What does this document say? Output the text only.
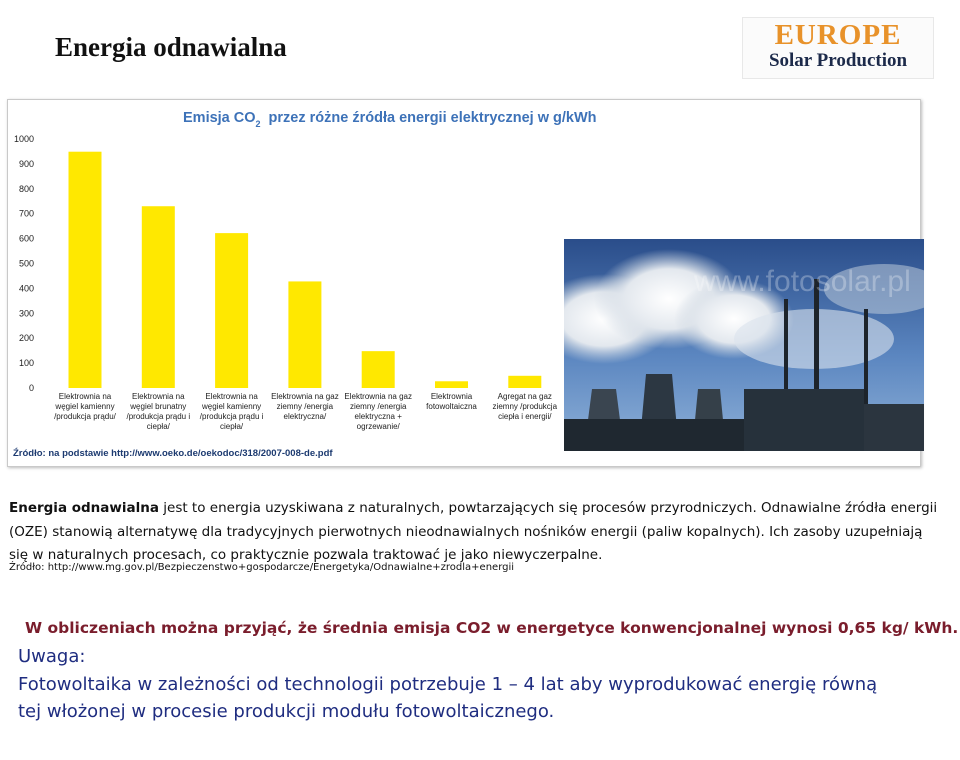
Energia odnawialna	EUROPE
Solar Production
Emisja $CO_2$ przez różne źródła energii elektrycznej w g/kWh
0
100
200
300
400
500
600
700
800
900
1000
Elektrownia na węgiel kamienny /produkcja prądu/
Elektrownia na węgiel brunatny /produkcja prądu i ciepła/
Elektrownia na węgiel kamienny /produkcja prądu i ciepła/
Elektrownia na gaz ziemny /energia elektryczna/
Elektrownia na gaz ziemny /energia elektryczna + ogrzewanie/
Elektrownia fotowoltaiczna
Agregat na gaz ziemny /produkcja ciepła i energii/
Źródło: na podstawie http://www.oeko.de/oekodoc/318/2007-008-de.pdf
www.fotosolar.pl

Energia odnawialna jest to energia uzyskiwana z naturalnych, powtarzających się procesów przyrodniczych. Odnawialne źródła energii (OZE) stanowią alternatywę dla tradycyjnych pierwotnych nieodnawialnych nośników energii (paliw kopalnych). Ich zasoby uzupełniają się w naturalnych procesach, co praktycznie pozwala traktować je jako niewyczerpalne.

Źródło: http://www.mg.gov.pl/Bezpieczenstwo+gospodarcze/Energetyka/Odnawialne+zrodla+energii
W obliczeniach można przyjąć, że średnia emisja CO2 w energetyce konwencjonalnej wynosi 0,65 kg/ kWh.
Uwaga:

Fotowoltaika w zależności od technologii potrzebuje 1 – 4 lat aby wyprodukować energię równą
tej włożonej w procesie produkcji modułu fotowoltaicznego.
